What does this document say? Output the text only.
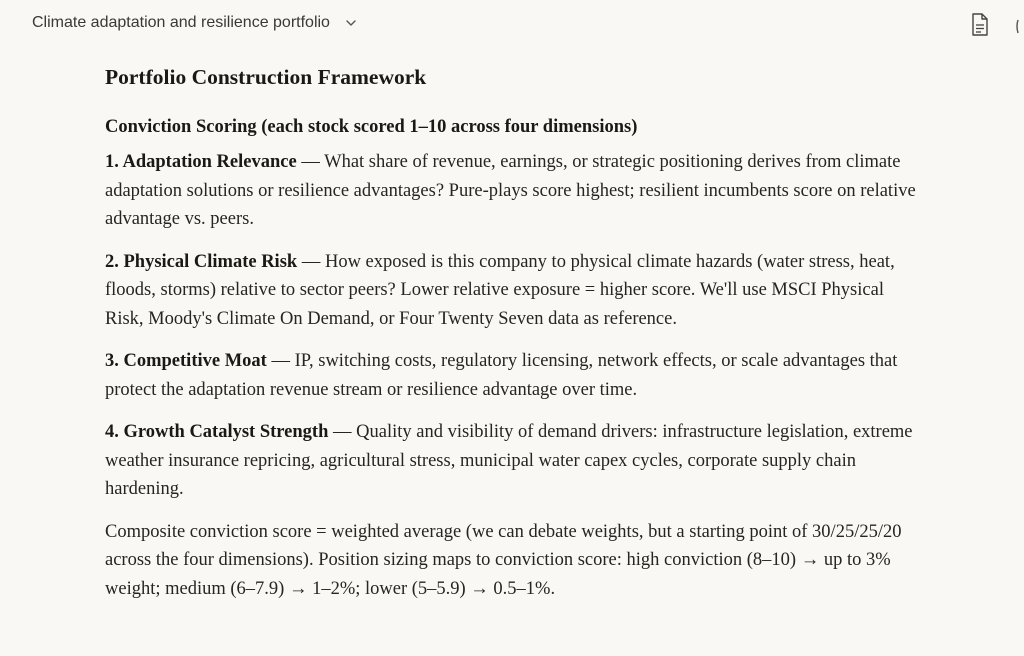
Climate adaptation and resilience portfolio
Portfolio Construction Framework
Conviction Scoring (each stock scored 1–10 across four dimensions)

1. Adaptation Relevance — What share of revenue, earnings, or strategic positioning derives from climate adaptation solutions or resilience advantages? Pure-plays score highest; resilient incumbents score on relative advantage vs. peers.

2. Physical Climate Risk — How exposed is this company to physical climate hazards (water stress, heat, floods, storms) relative to sector peers? Lower relative exposure = higher score. We'll use MSCI Physical Risk, Moody's Climate On Demand, or Four Twenty Seven data as reference.

3. Competitive Moat — IP, switching costs, regulatory licensing, network effects, or scale advantages that protect the adaptation revenue stream or resilience advantage over time.

4. Growth Catalyst Strength — Quality and visibility of demand drivers: infrastructure legislation, extreme weather insurance repricing, agricultural stress, municipal water capex cycles, corporate supply chain hardening.

Composite conviction score = weighted average (we can debate weights, but a starting point of 30/25/25/20 across the four dimensions). Position sizing maps to conviction score: high conviction (8–10) → up to 3% weight; medium (6–7.9) → 1–2%; lower (5–5.9) → 0.5–1%.
